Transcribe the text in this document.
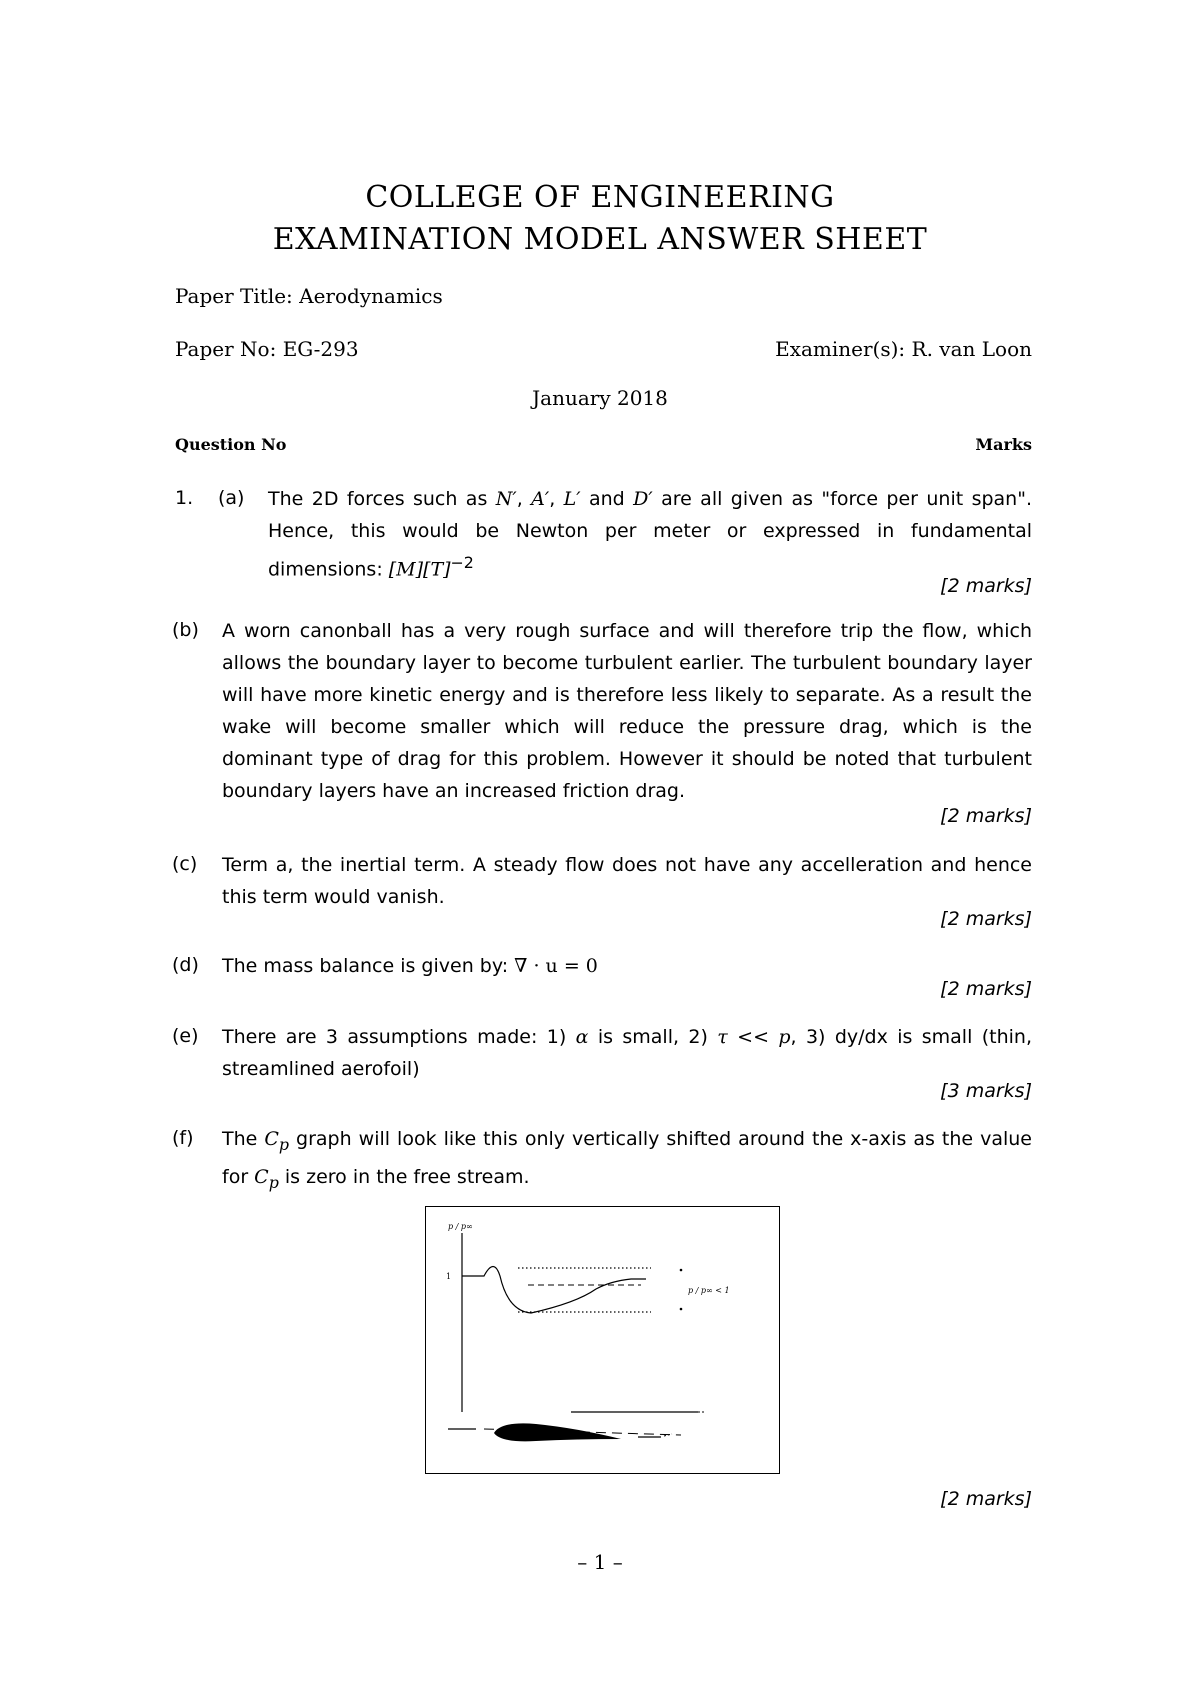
COLLEGE OF ENGINEERING
EXAMINATION MODEL ANSWER SHEET
Paper Title: Aerodynamics
Paper No: EG-293	Examiner(s): R. van Loon
January 2018
Question No	Marks
1. (a) The 2D forces such as N′, A′, L′ and D′ are all given as "force per unit span". Hence, this would be Newton per meter or expressed in fundamental dimensions: $[M][T]^{-2}$
[2 marks]
(b) A worn canonball has a very rough surface and will therefore trip the flow, which allows the boundary layer to become turbulent earlier. The turbulent boundary layer will have more kinetic energy and is therefore less likely to separate. As a result the wake will become smaller which will reduce the pressure drag, which is the dominant type of drag for this problem. However it should be noted that turbulent boundary layers have an increased friction drag.
[2 marks]
(c) Term a, the inertial term. A steady flow does not have any accelleration and hence this term would vanish.
[2 marks]
(d) The mass balance is given by: ∇ · u = 0
[2 marks]
(e) There are 3 assumptions made: 1) α is small, 2) τ << p, 3) dy/dx is small (thin, streamlined aerofoil)
[3 marks]
(f) The $C_p$ graph will look like this only vertically shifted around the x-axis as the value for $C_p$ is zero in the free stream.
p / p∞
1
p / p∞ < 1
[2 marks]
– 1 –
